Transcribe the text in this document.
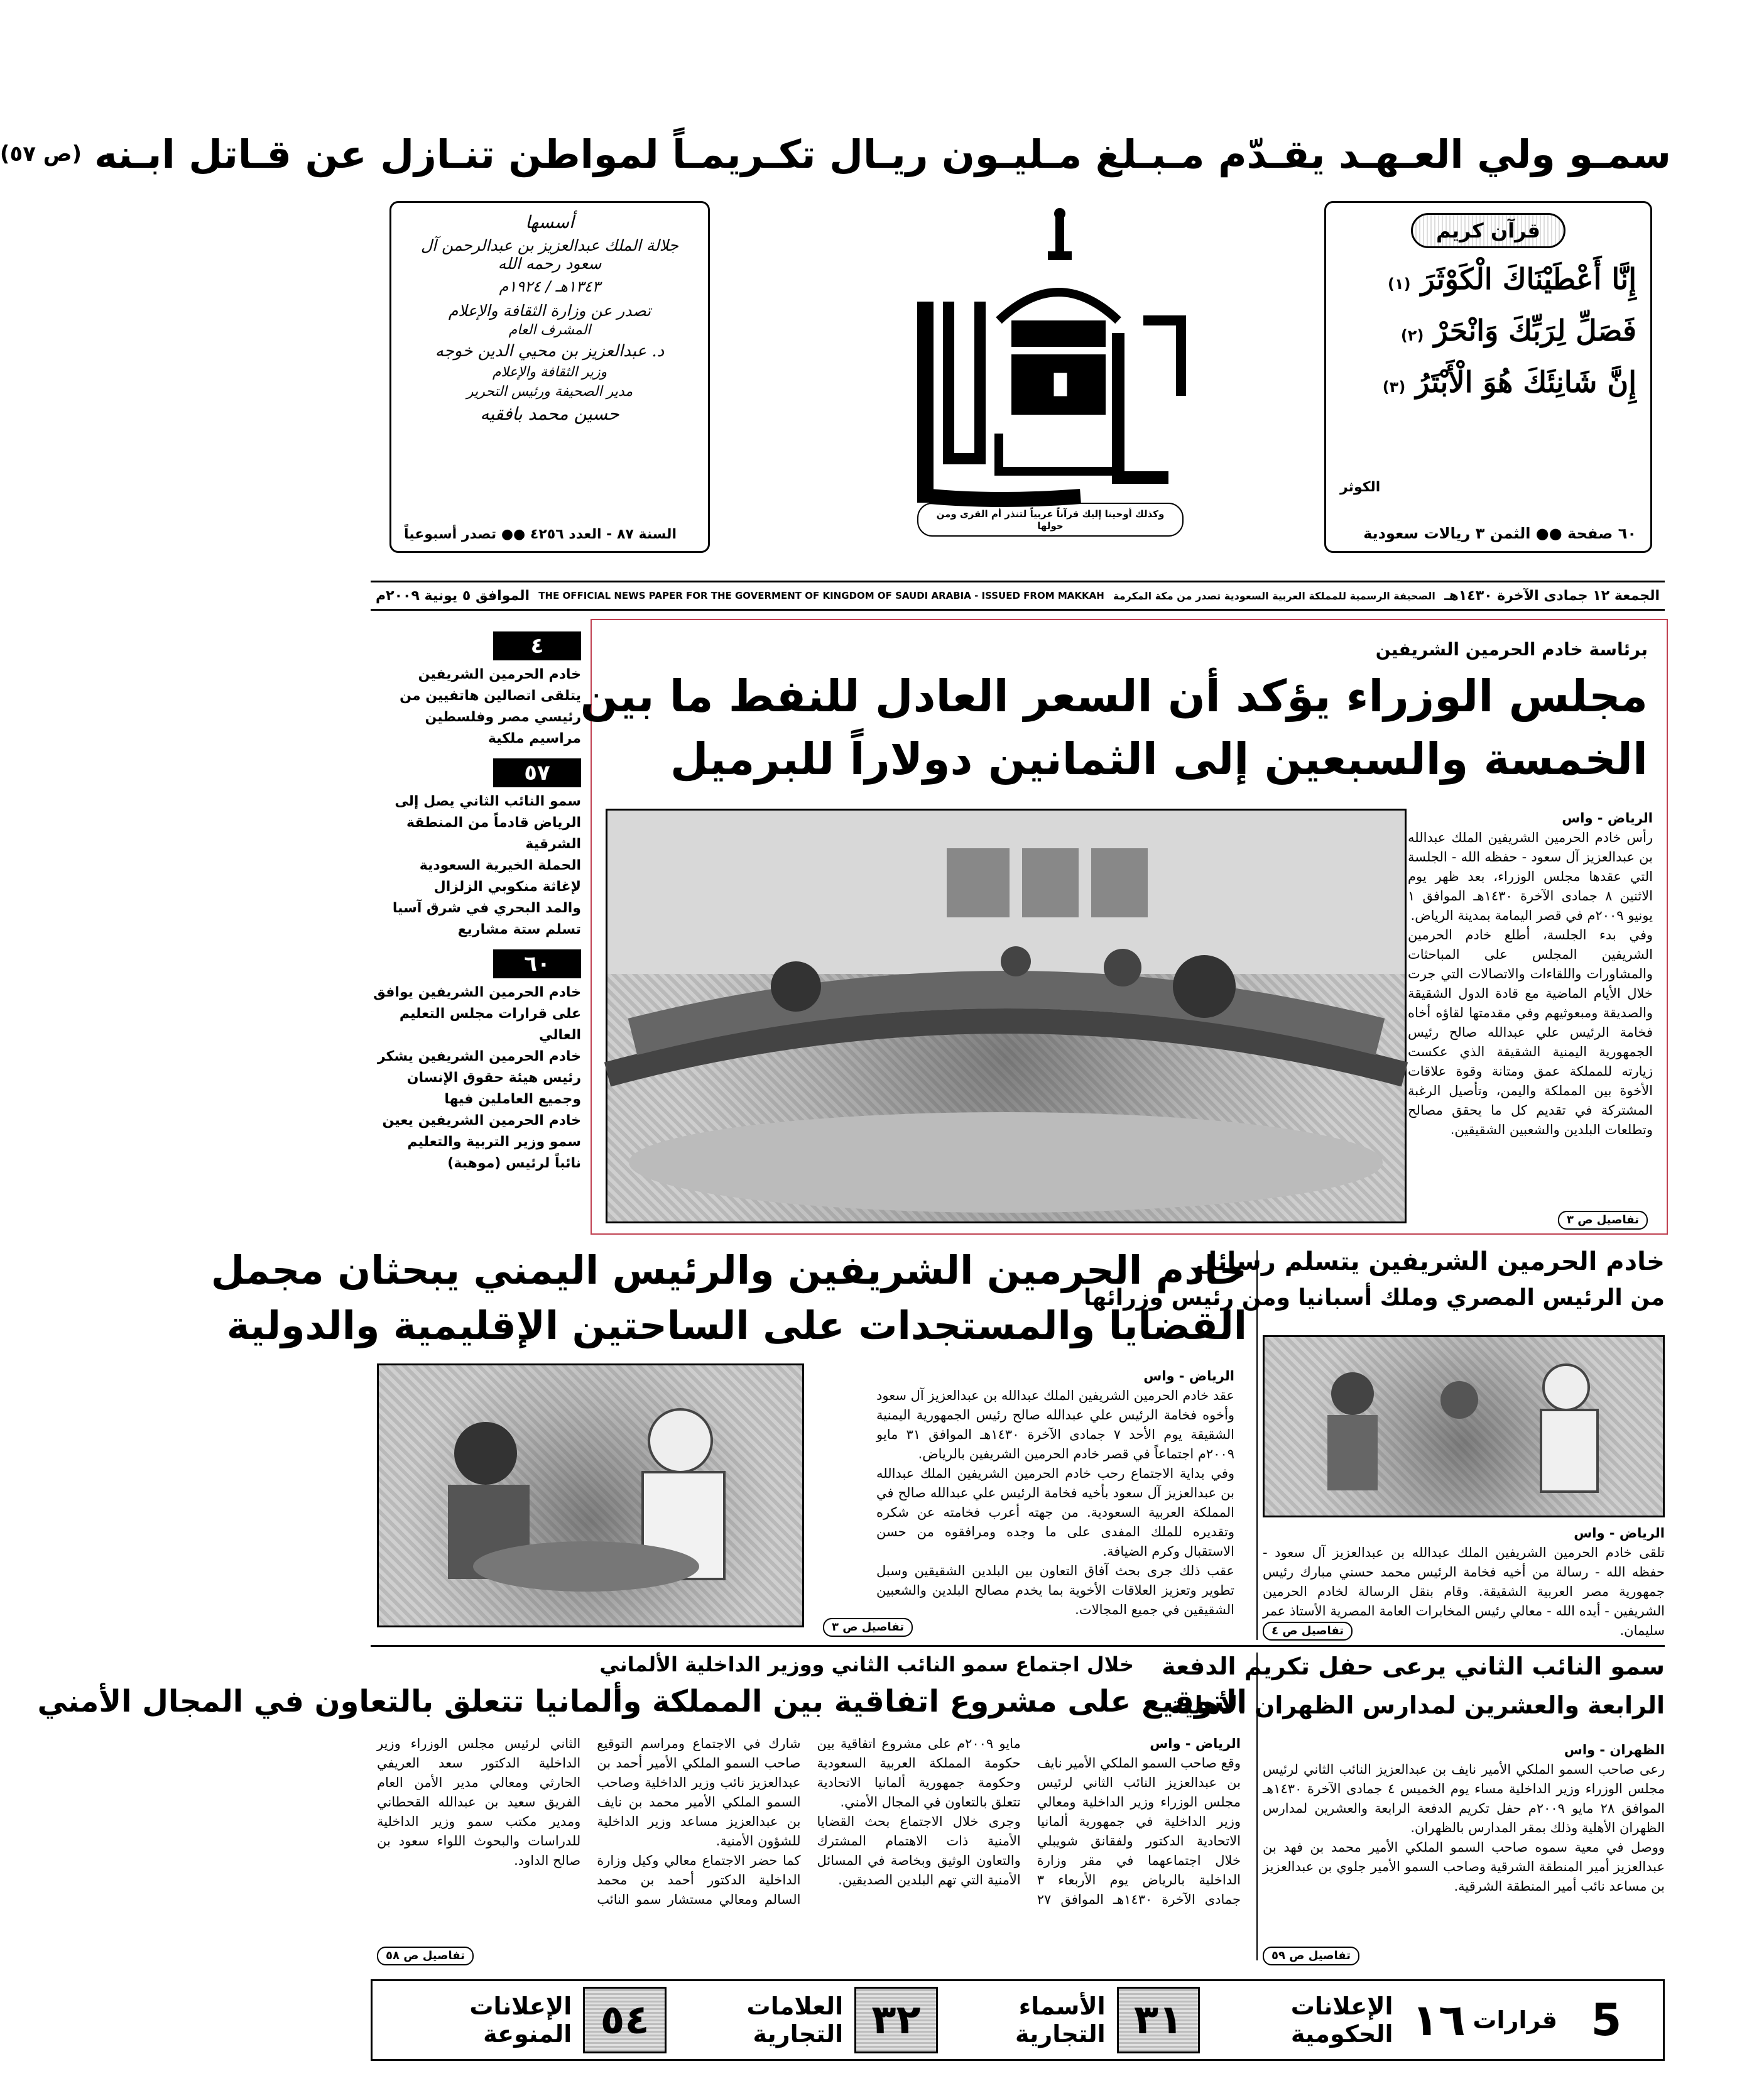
سمـو ولي العـهـد يقـدّم مـبـلغ مـليـون ريـال تكـريمـاً لمواطن تنـازل عن قـاتل ابـنه
(ص ٥٧)
قرآن كريم
إِنَّا أَعْطَيْنَاكَ الْكَوْثَرَ
(١)
فَصَلِّ لِرَبِّكَ وَانْحَرْ
(٢)
إِنَّ شَانِئَكَ هُوَ الْأَبْتَرُ
(٣)
الكوثر
٦٠ صفحة ●● الثمن ٣ ريالات سعودية
وكذلك أوحينا إليك قرآناً عربياً لتنذر أم القرى ومن حولها
أم
أسسها
جلالة الملك عبدالعزيز بن عبدالرحمن آل سعود رحمه الله
١٣٤٣هـ / ١٩٢٤م
تصدر عن وزارة الثقافة والإعلام
المشرف العام
د. عبدالعزيز بن محيي الدين خوجه
وزير الثقافة والإعلام
مدير الصحيفة ورئيس التحرير
حسين محمد بافقيه
السنة ٨٧ - العدد ٤٢٥٦ ●● تصدر أسبوعياً
الجمعة ١٢ جمادى الآخرة ١٤٣٠هـ
الصحيفة الرسمية للمملكة العربية السعودية تصدر من مكة المكرمة
THE OFFICIAL NEWS PAPER FOR THE GOVERMENT OF KINGDOM OF SAUDI ARABIA - ISSUED FROM MAKKAH
الموافق ٥ يونية ٢٠٠٩م
٤
خادم الحرمين الشريفين
يتلقى اتصالين هاتفيين من
رئيسي مصر وفلسطين
مراسيم ملكية
٥٧
سمو النائب الثاني يصل إلى
الرياض قادماً من المنطقة الشرقية
الحملة الخيرية السعودية
لإغاثة منكوبي الزلزال
والمد البحري في شرق آسيا
تسلم ستة مشاريع
٦٠
خادم الحرمين الشريفين يوافق
على قرارات مجلس التعليم العالي
خادم الحرمين الشريفين يشكر
رئيس هيئة حقوق الإنسان
وجميع العاملين فيها
خادم الحرمين الشريفين يعين
سمو وزير التربية والتعليم
نائباً لرئيس (موهبة)
برئاسة خادم الحرمين الشريفين
مجلس الوزراء يؤكد أن السعر العادل للنفط ما بين
الخمسة والسبعين إلى الثمانين دولاراً للبرميل

الرياض - واس

رأس خادم الحرمين الشريفين الملك عبدالله بن عبدالعزيز آل سعود - حفظه الله - الجلسة التي عقدها مجلس الوزراء، بعد ظهر يوم الاثنين ٨ جمادى الآخرة ١٤٣٠هـ الموافق ١ يونيو ٢٠٠٩م في قصر اليمامة بمدينة الرياض.

وفي بدء الجلسة، أطلع خادم الحرمين الشريفين المجلس على المباحثات والمشاورات واللقاءات والاتصالات التي جرت خلال الأيام الماضية مع قادة الدول الشقيقة والصديقة ومبعوثيهم وفي مقدمتها لقاؤه أخاه فخامة الرئيس علي عبدالله صالح رئيس الجمهورية اليمنية الشقيقة الذي عكست زيارته للمملكة عمق ومتانة وقوة علاقات الأخوة بين المملكة واليمن، وتأصيل الرغبة المشتركة في تقديم كل ما يحقق مصالح وتطلعات البلدين والشعبين الشقيقين.

تفاصيل ص ٣
خادم الحرمين الشريفين والرئيس اليمني يبحثان مجمل
القضايا والمستجدات على الساحتين الإقليمية والدولية

الرياض - واس

عقد خادم الحرمين الشريفين الملك عبدالله بن عبدالعزيز آل سعود وأخوه فخامة الرئيس علي عبدالله صالح رئيس الجمهورية اليمنية الشقيقة يوم الأحد ٧ جمادى الآخرة ١٤٣٠هـ الموافق ٣١ مايو ٢٠٠٩م اجتماعاً في قصر خادم الحرمين الشريفين بالرياض.

وفي بداية الاجتماع رحب خادم الحرمين الشريفين الملك عبدالله بن عبدالعزيز آل سعود بأخيه فخامة الرئيس علي عبدالله صالح في المملكة العربية السعودية. من جهته أعرب فخامته عن شكره وتقديره للملك المفدى على ما وجده ومرافقوه من حسن الاستقبال وكرم الضيافة.

عقب ذلك جرى بحث آفاق التعاون بين البلدين الشقيقين وسبل تطوير وتعزيز العلاقات الأخوية بما يخدم مصالح البلدين والشعبين الشقيقين في جميع المجالات.

تفاصيل ص ٣
خادم الحرمين الشريفين يتسلم رسائل
من الرئيس المصري وملك أسبانيا ومن رئيس وزرائها

الرياض - واس

تلقى خادم الحرمين الشريفين الملك عبدالله بن عبدالعزيز آل سعود - حفظه الله - رسالة من أخيه فخامة الرئيس محمد حسني مبارك رئيس جمهورية مصر العربية الشقيقة. وقام بنقل الرسالة لخادم الحرمين الشريفين - أيده الله - معالي رئيس المخابرات العامة المصرية الأستاذ عمر سليمان.

تفاصيل ص ٤
خلال اجتماع سمو النائب الثاني ووزير الداخلية الألماني
التوقيع على مشروع اتفاقية بين المملكة وألمانيا تتعلق بالتعاون في المجال الأمني

الرياض - واس

وقع صاحب السمو الملكي الأمير نايف بن عبدالعزيز النائب الثاني لرئيس مجلس الوزراء وزير الداخلية ومعالي وزير الداخلية في جمهورية ألمانيا الاتحادية الدكتور ولفقانق شويبلي خلال اجتماعهما في مقر وزارة الداخلية بالرياض يوم الأربعاء ٣ جمادى الآخرة ١٤٣٠هـ الموافق ٢٧ مايو ٢٠٠٩م على مشروع اتفاقية بين حكومة المملكة العربية السعودية وحكومة جمهورية ألمانيا الاتحادية تتعلق بالتعاون في المجال الأمني.

وجرى خلال الاجتماع بحث القضايا الأمنية ذات الاهتمام المشترك والتعاون الوثيق وبخاصة في المسائل الأمنية التي تهم البلدين الصديقين.

شارك في الاجتماع ومراسم التوقيع صاحب السمو الملكي الأمير أحمد بن عبدالعزيز نائب وزير الداخلية وصاحب السمو الملكي الأمير محمد بن نايف بن عبدالعزيز مساعد وزير الداخلية للشؤون الأمنية.

كما حضر الاجتماع معالي وكيل وزارة الداخلية الدكتور أحمد بن محمد السالم ومعالي مستشار سمو النائب الثاني لرئيس مجلس الوزراء وزير الداخلية الدكتور سعد العريفي الحارثي ومعالي مدير الأمن العام الفريق سعيد بن عبدالله القحطاني ومدير مكتب سمو وزير الداخلية للدراسات والبحوث اللواء سعود بن صالح الداود.

تفاصيل ص ٥٨
سمو النائب الثاني يرعى حفل تكريم الدفعة
الرابعة والعشرين لمدارس الظهران الأهلية

الظهران - واس

رعى صاحب السمو الملكي الأمير نايف بن عبدالعزيز النائب الثاني لرئيس مجلس الوزراء وزير الداخلية مساء يوم الخميس ٤ جمادى الآخرة ١٤٣٠هـ الموافق ٢٨ مايو ٢٠٠٩م حفل تكريم الدفعة الرابعة والعشرين لمدارس الظهران الأهلية وذلك بمقر المدارس بالظهران.

ووصل في معية سموه صاحب السمو الملكي الأمير محمد بن فهد بن عبدالعزيز أمير المنطقة الشرقية وصاحب السمو الأمير جلوي بن عبدالعزيز بن مساعد نائب أمير المنطقة الشرقية.

تفاصيل ص ٥٩
5
قرارات
١٦
الإعلانات الحكومية
٣١
الأسماء التجارية
٣٢
العلامات التجارية
٥٤
الإعلانات المنوعة
